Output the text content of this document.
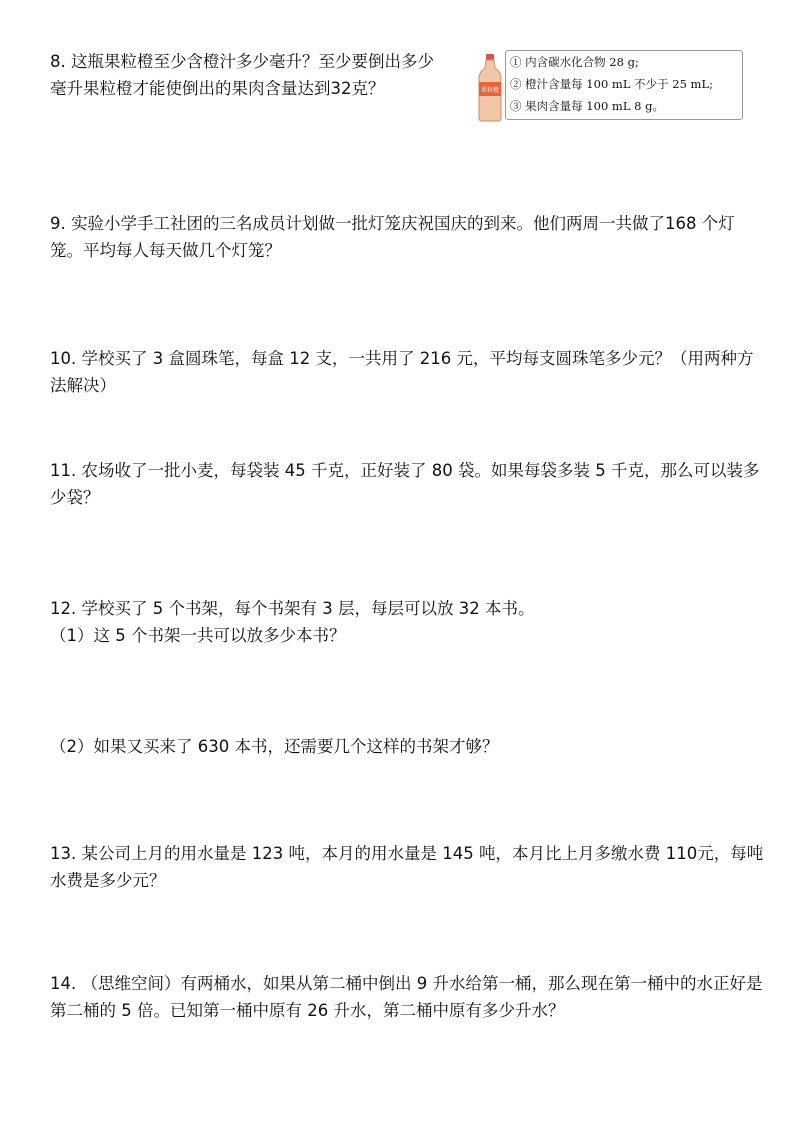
8. 这瓶果粒橙至少含橙汁多少毫升？至少要倒出多少毫升果粒橙才能使倒出的果肉含量达到32克？	果粒橙
① 内含碳水化合物 28 g;
② 橙汁含量每 100 mL 不少于 25 mL;
③ 果肉含量每 100 mL 8 g。

9. 实验小学手工社团的三名成员计划做一批灯笼庆祝国庆的到来。他们两周一共做了168 个灯笼。平均每人每天做几个灯笼？

10. 学校买了 3 盒圆珠笔，每盒 12 支，一共用了 216 元，平均每支圆珠笔多少元？（用两种方法解决）

11. 农场收了一批小麦，每袋装 45 千克，正好装了 80 袋。如果每袋多装 5 千克，那么可以装多少袋？

12. 学校买了 5 个书架，每个书架有 3 层，每层可以放 32 本书。

（1）这 5 个书架一共可以放多少本书？

（2）如果又买来了 630 本书，还需要几个这样的书架才够？

13. 某公司上月的用水量是 123 吨，本月的用水量是 145 吨，本月比上月多缴水费 110元，每吨水费是多少元？

14. （思维空间）有两桶水，如果从第二桶中倒出 9 升水给第一桶，那么现在第一桶中的水正好是第二桶的 5 倍。已知第一桶中原有 26 升水，第二桶中原有多少升水？
